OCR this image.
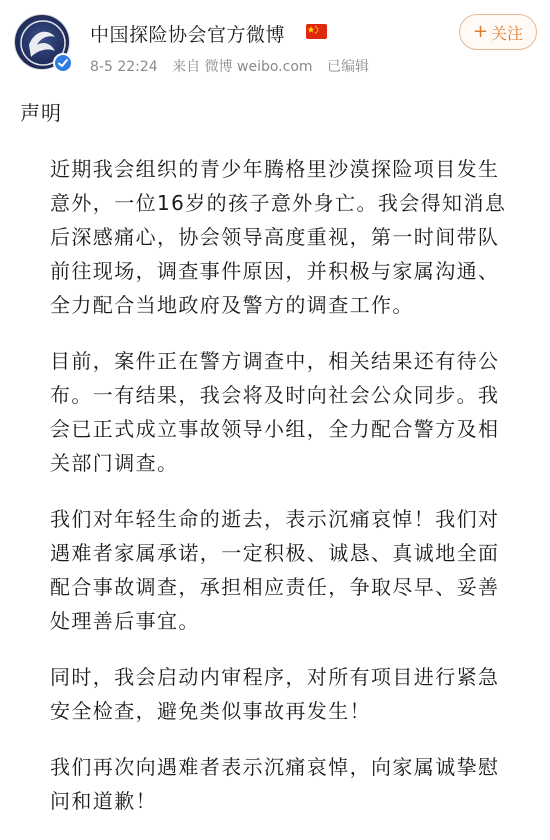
中国探险协会官方微博
8-5 22:24 来自 微博 weibo.com 已编辑
+ 关注
声明
近期我会组织的青少年腾格里沙漠探险项目发生
意外，一位16岁的孩子意外身亡。我会得知消息
后深感痛心，协会领导高度重视，第一时间带队
前往现场，调查事件原因，并积极与家属沟通、
全力配合当地政府及警方的调查工作。
目前，案件正在警方调查中，相关结果还有待公
布。一有结果，我会将及时向社会公众同步。我
会已正式成立事故领导小组，全力配合警方及相
关部门调查。
我们对年轻生命的逝去，表示沉痛哀悼！我们对
遇难者家属承诺，一定积极、诚恳、真诚地全面
配合事故调查，承担相应责任，争取尽早、妥善
处理善后事宜。
同时，我会启动内审程序，对所有项目进行紧急
安全检查，避免类似事故再发生！
我们再次向遇难者表示沉痛哀悼，向家属诚挚慰
问和道歉！
